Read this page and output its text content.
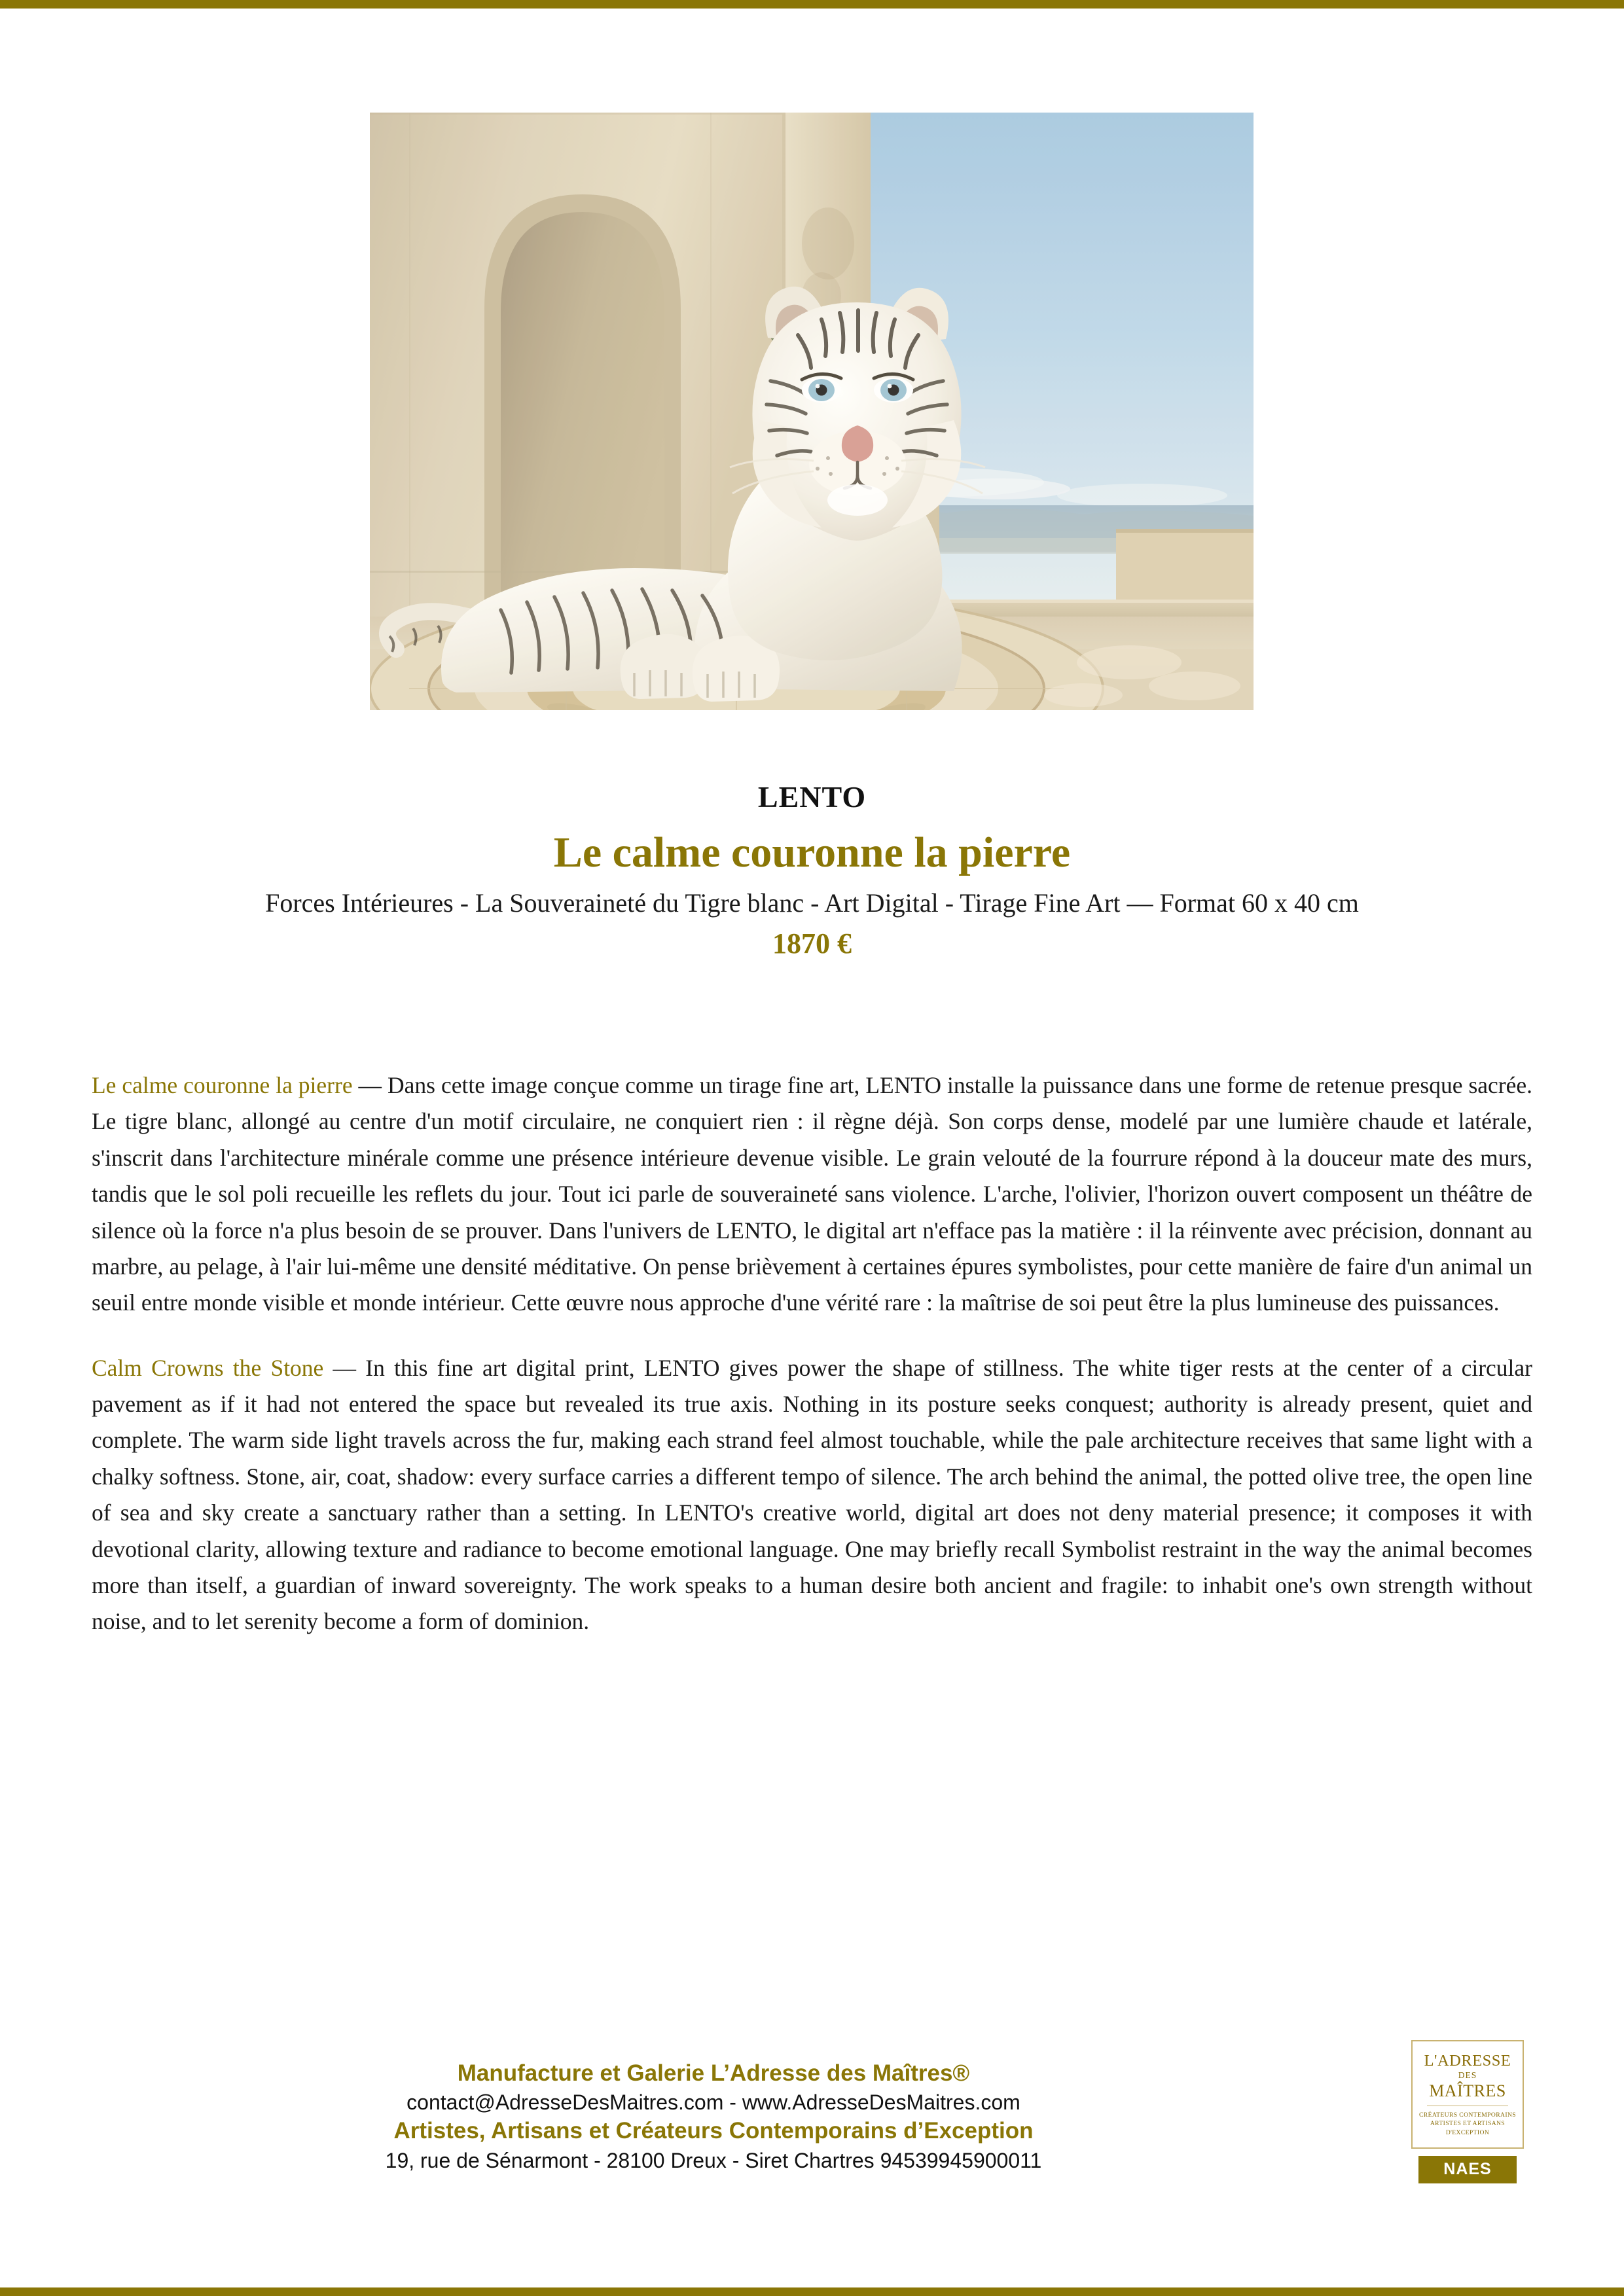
LENTO
Le calme couronne la pierre
Forces Intérieures - La Souveraineté du Tigre blanc - Art Digital - Tirage Fine Art — Format 60 x 40 cm
1870 €

Le calme couronne la pierre — Dans cette image conçue comme un tirage fine art, LENTO installe la puissance dans une forme de retenue presque sacrée. Le tigre blanc, allongé au centre d'un motif circulaire, ne conquiert rien : il règne déjà. Son corps dense, modelé par une lumière chaude et latérale, s'inscrit dans l'architecture minérale comme une présence intérieure devenue visible. Le grain velouté de la fourrure répond à la douceur mate des murs, tandis que le sol poli recueille les reflets du jour. Tout ici parle de souveraineté sans violence. L'arche, l'olivier, l'horizon ouvert composent un théâtre de silence où la force n'a plus besoin de se prouver. Dans l'univers de LENTO, le digital art n'efface pas la matière : il la réinvente avec précision, donnant au marbre, au pelage, à l'air lui-même une densité méditative. On pense brièvement à certaines épures symbolistes, pour cette manière de faire d'un animal un seuil entre monde visible et monde intérieur. Cette œuvre nous approche d'une vérité rare : la maîtrise de soi peut être la plus lumineuse des puissances.

Calm Crowns the Stone — In this fine art digital print, LENTO gives power the shape of stillness. The white tiger rests at the center of a circular pavement as if it had not entered the space but revealed its true axis. Nothing in its posture seeks conquest; authority is already present, quiet and complete. The warm side light travels across the fur, making each strand feel almost touchable, while the pale architecture receives that same light with a chalky softness. Stone, air, coat, shadow: every surface carries a different tempo of silence. The arch behind the animal, the potted olive tree, the open line of sea and sky create a sanctuary rather than a setting. In LENTO's creative world, digital art does not deny material presence; it composes it with devotional clarity, allowing texture and radiance to become emotional language. One may briefly recall Symbolist restraint in the way the animal becomes more than itself, a guardian of inward sovereignty. The work speaks to a human desire both ancient and fragile: to inhabit one's own strength without noise, and to let serenity become a form of dominion.

Manufacture et Galerie L’Adresse des Maîtres®
contact@AdresseDesMaitres.com - www.AdresseDesMaitres.com
Artistes, Artisans et Créateurs Contemporains d’Exception
19, rue de Sénarmont - 28100 Dreux - Siret Chartres 94539945900011
L'ADRESSE
DES
MAÎTRES
CRÉATEURS CONTEMPORAINS
ARTISTES ET ARTISANS
D'EXCEPTION
NAES
